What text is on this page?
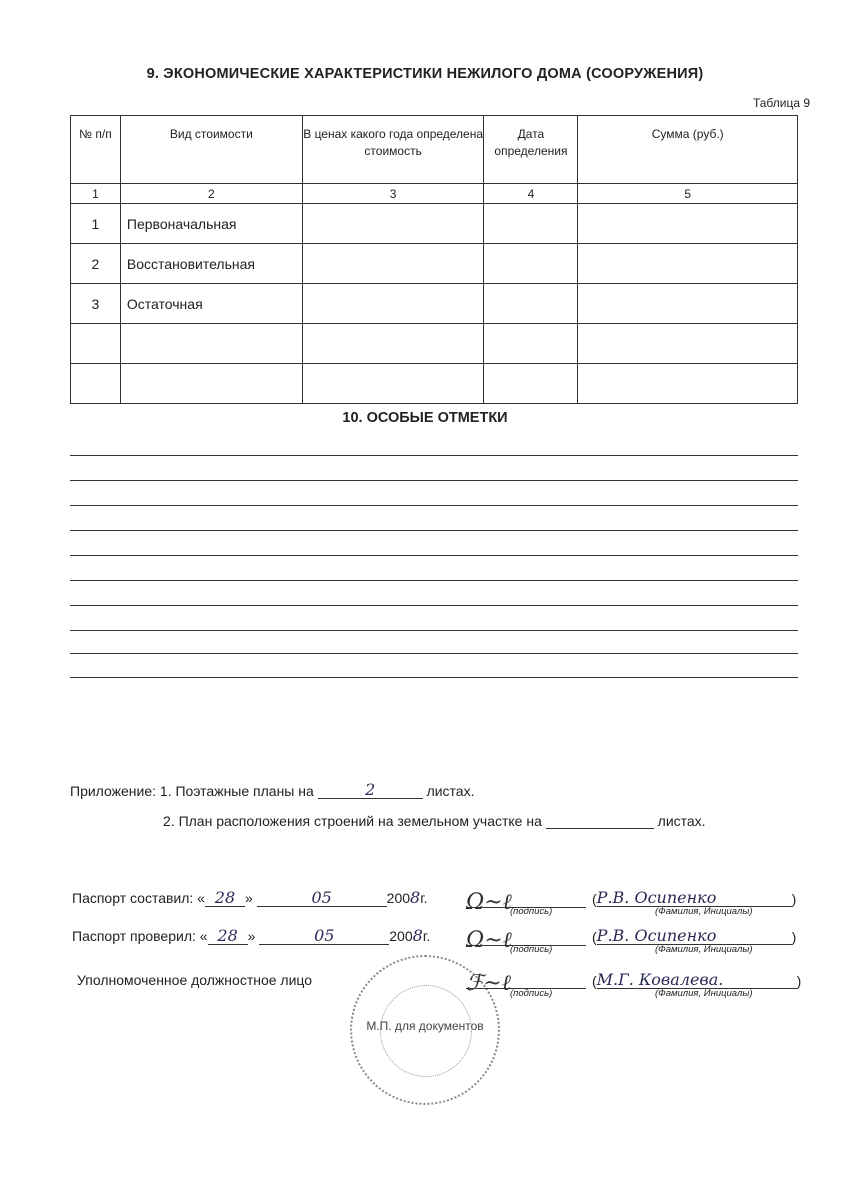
9. ЭКОНОМИЧЕСКИЕ ХАРАКТЕРИСТИКИ НЕЖИЛОГО ДОМА (СООРУЖЕНИЯ)
Таблица 9
№ п/п	Вид стоимости	В ценах какого года определена стоимость	Дата определения	Сумма (руб.)
1	2	3	4	5
1	Первоначальная			
2	Восстановительная			
3	Остаточная			

10. ОСОБЫЕ ОТМЕТКИ
Приложение: 1. Поэтажные планы на	2	листах.
2. План расположения строений на земельном участке на	листах.
Паспорт составил: « 28 »	05	2008г. Ω~ℓ
(подпись)
(Р.В. Осипенко	)
(Фамилия, Инициалы)
Паспорт проверил: « 28 »	05	2008г. Ω~ℓ
(подпись)
(Р.В. Осипенко	)
(Фамилия, Инициалы)
М.П. для документов
Уполномоченное должностное лицо	ℱ~ℓ (подпись)
(М.Г. Ковалева.	)
(Фамилия, Инициалы)
